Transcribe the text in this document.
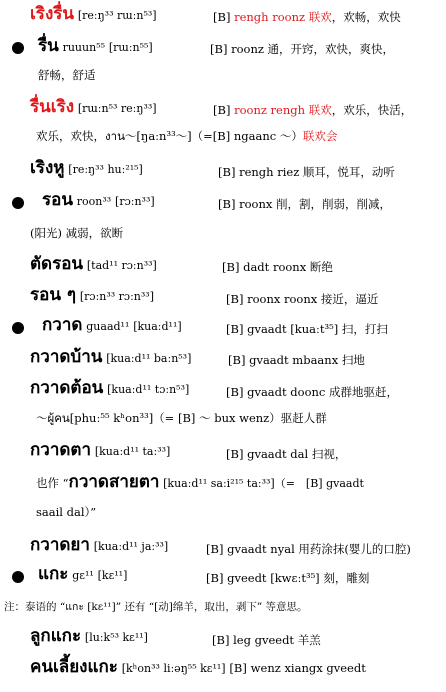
เริงรื่น [reːŋ³³ rɯːn⁵³]	[B] rengh roonz 联欢，欢畅，欢快
รื่น ruuun⁵⁵ [rɯːn⁵⁵]	[B] roonz 通，开窍，欢快，爽快，
舒畅，舒适
รื่นเริง [rɯːn⁵³ reːŋ³³]	[B] roonz rengh 联欢，欢乐，快活，
欢乐，欢快，งาน～[ŋaːn³³～]（=[B] ngaanc ～）联欢会
เริงหู [reːŋ³³ huː²¹⁵]	[B] rengh riez 顺耳，悦耳，动听
รอน roon³³ [rɔːn³³]	[B] roonx 削，割，削弱，削减，
(阳光) 减弱，欲断
ตัดรอน [tad¹¹ rɔːn³³]	[B] dadt roonx 断绝
รอน ๆ [rɔːn³³ rɔːn³³]	[B] roonx roonx 接近，逼近
กวาด guaad¹¹ [kuaːd¹¹]	[B] gvaadt [kuaːt³⁵] 扫，打扫
กวาดบ้าน [kuaːd¹¹ baːn⁵³]	[B] gvaadt mbaanx 扫地
กวาดต้อน [kuaːd¹¹ tɔːn⁵³]	[B] gvaadt doonc 成群地驱赶，
～ผู้คน[phuː⁵⁵ kʰon³³]（= [B] ～ bux wenz）驱赶人群
กวาดตา [kuaːd¹¹ taː³³]	[B] gvaadt dal 扫视，
也作 “กวาดสายตา [kuaːd¹¹ saːi²¹⁵ taː³³]（=　[B] gvaadt
saail dal）”
กวาดยา [kuaːd¹¹ jaː³³]	[B] gvaadt nyal 用药涂抹(婴儿的口腔)
แกะ gɛ¹¹ [kɛ¹¹]	[B] gveedt [kwɛːt³⁵] 刻，雕刻
注：泰语的 “แกะ [kɛ¹¹]” 还有 “[动]绵羊，取出，剥下” 等意思。
ลูกแกะ [luːk⁵³ kɛ¹¹]	[B] leg gveedt 羊羔
คนเลี้ยงแกะ [kʰon³³ liːəŋ⁵⁵ kɛ¹¹] [B] wenz xiangx gveedt
